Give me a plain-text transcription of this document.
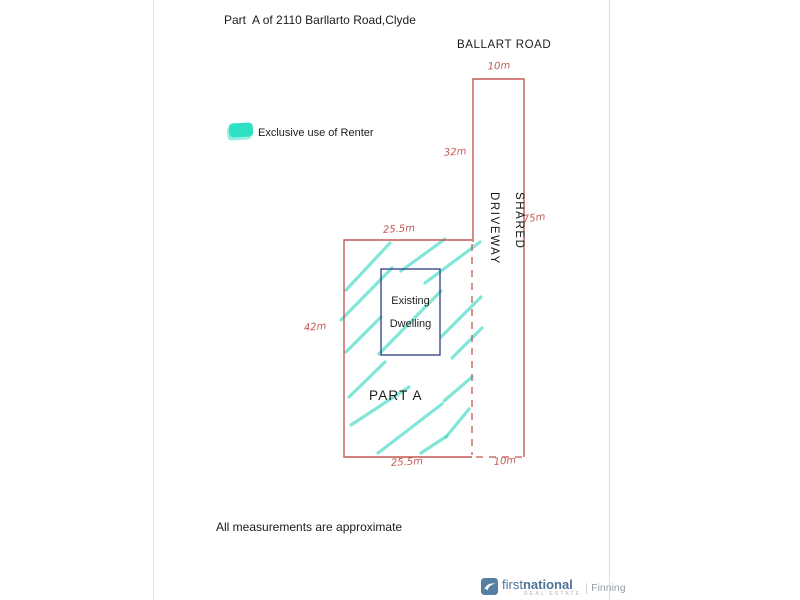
Part  A of 2110 Barllarto Road,Clyde
BALLART ROAD
Exclusive use of Renter
10m
32m
75m
25.5m
42m
25.5m	10m
SHAREDDRIVEWAY
Existing
Dwelling
PART A
All measurements are approximate
firstnational
REAL ESTATE Finning
